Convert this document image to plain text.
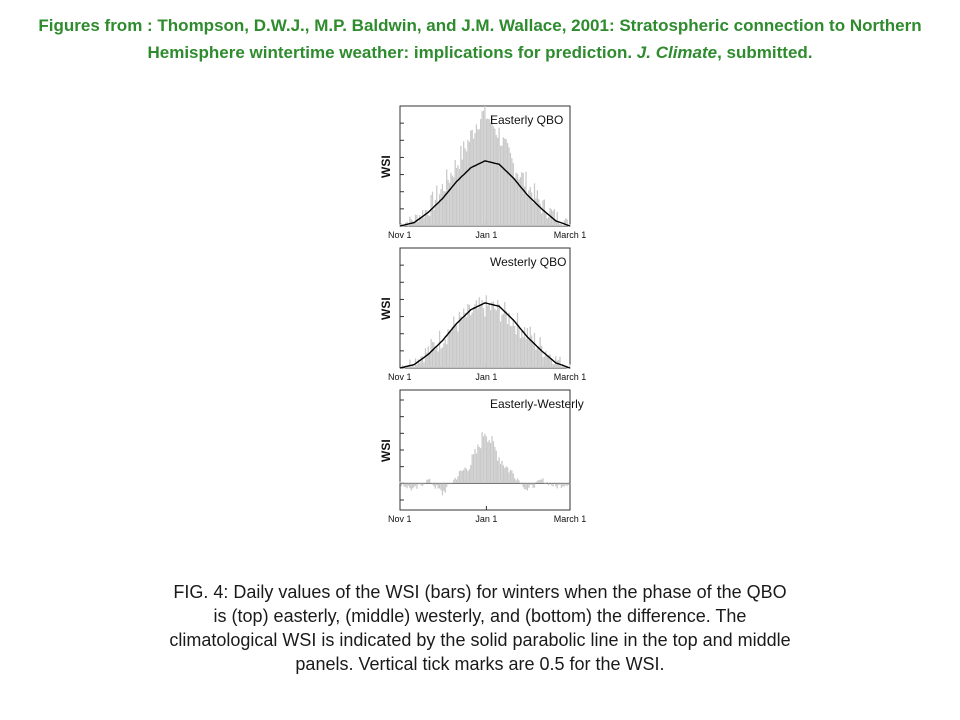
Figures from : Thompson, D.W.J., M.P. Baldwin, and J.M. Wallace, 2001: Stratospheric connection to Northern Hemisphere wintertime weather: implications for prediction. J. Climate, submitted.
Easterly QBO
WSI
Nov 1	Jan 1	March 1
Westerly QBO
WSI
Nov 1	Jan 1	March 1
Easterly-Westerly
WSI
Nov 1	Jan 1	March 1
FIG. 4: Daily values of the WSI (bars) for winters when the phase of the QBO is (top) easterly, (middle) westerly, and (bottom) the difference. The climatological WSI is indicated by the solid parabolic line in the top and middle panels. Vertical tick marks are 0.5 for the WSI.
